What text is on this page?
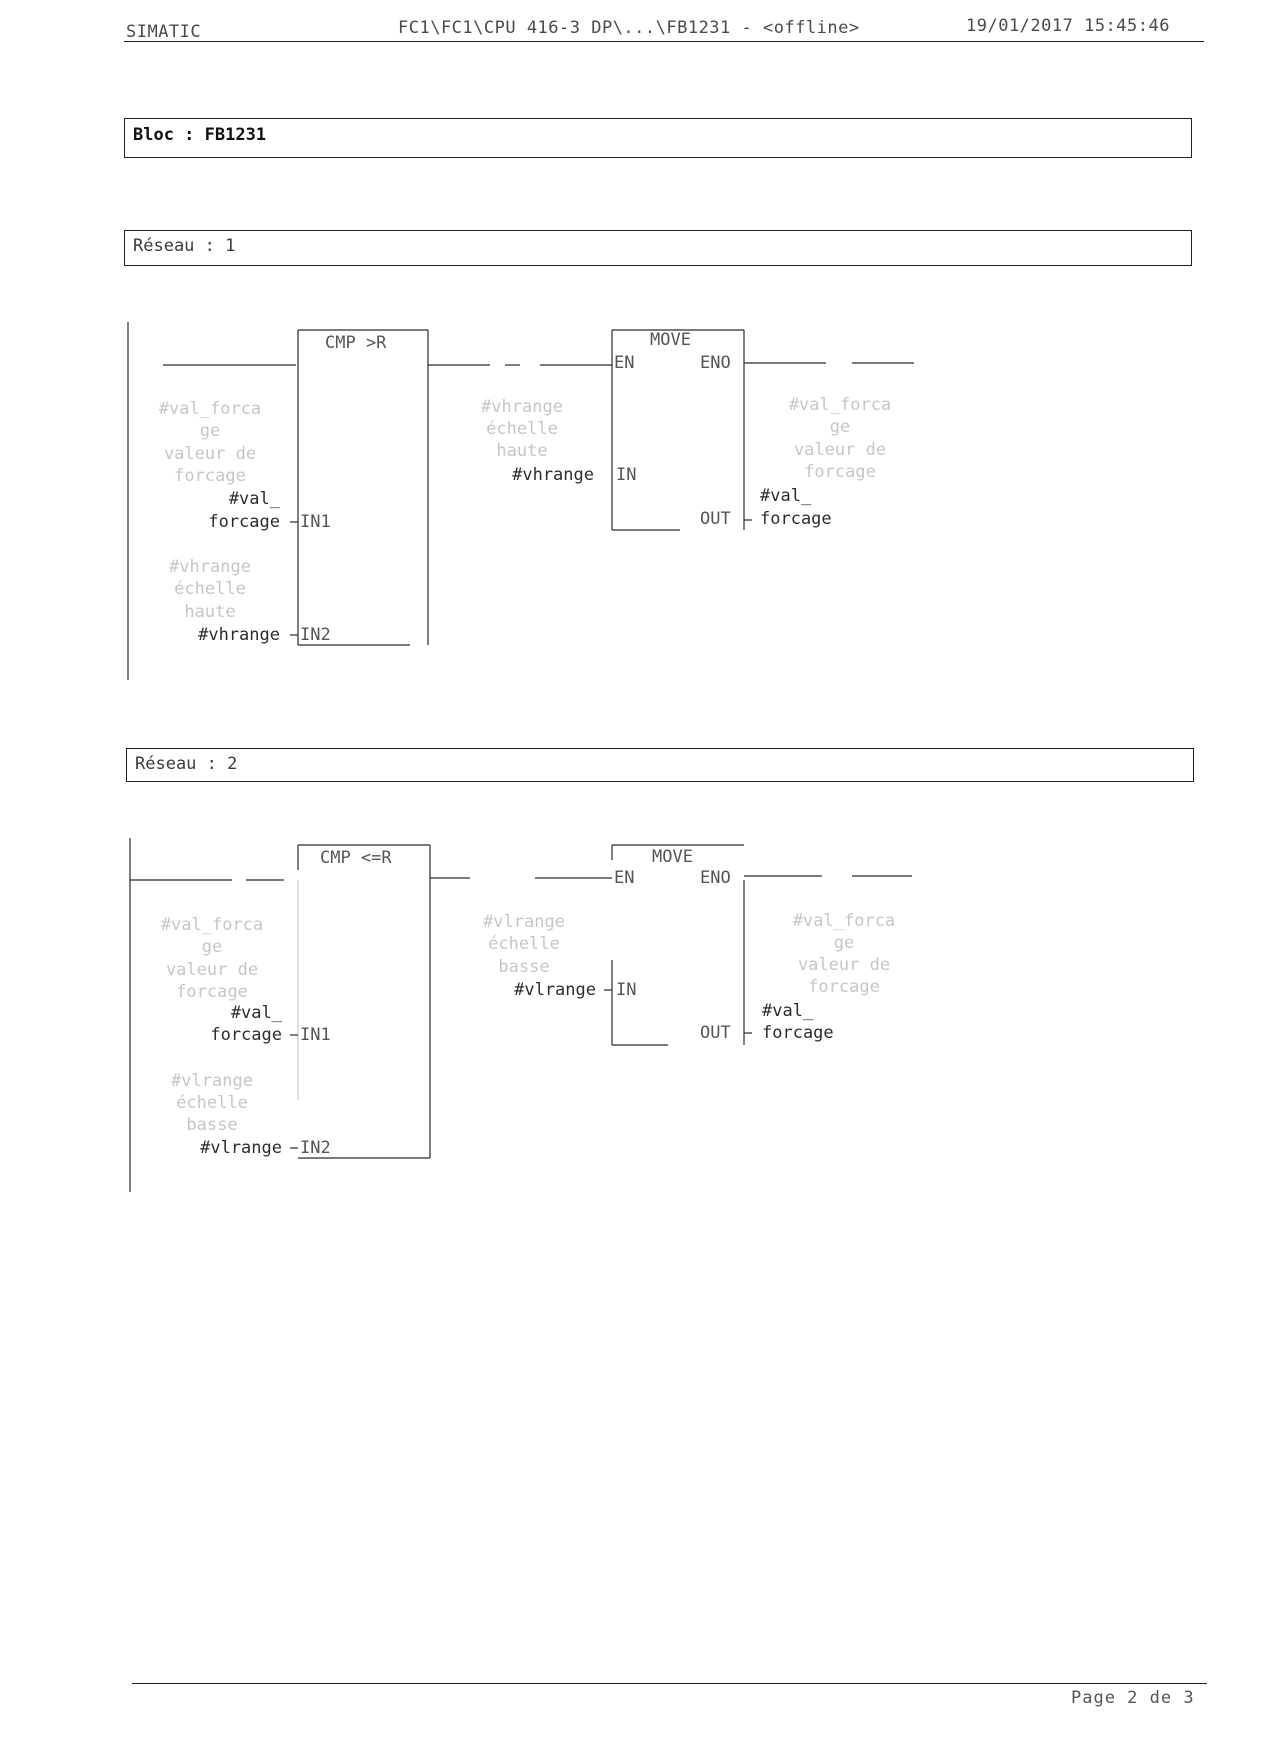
SIMATIC	FC1\FC1\CPU 416-3 DP\...\FB1231 - <offline>	19/01/2017 15:45:46
Bloc : FB1231
Réseau : 1
Réseau : 2
CMP >R
IN1
IN2
#val_forca
ge
valeur de
forcage
#val_
forcage
#vhrange
échelle
haute
#vhrange
MOVE
EN	ENO
IN
OUT
#vhrange
échelle
haute
#vhrange
#val_forca
ge
valeur de
forcage
#val_
forcage
CMP <=R
IN1
IN2
#val_forca
ge
valeur de
forcage
#val_
forcage
#vlrange
échelle
basse
#vlrange
MOVE
EN	ENO
IN
OUT
#vlrange
échelle
basse
#vlrange
#val_forca
ge
valeur de
forcage
#val_
forcage
Page 2 de 3
